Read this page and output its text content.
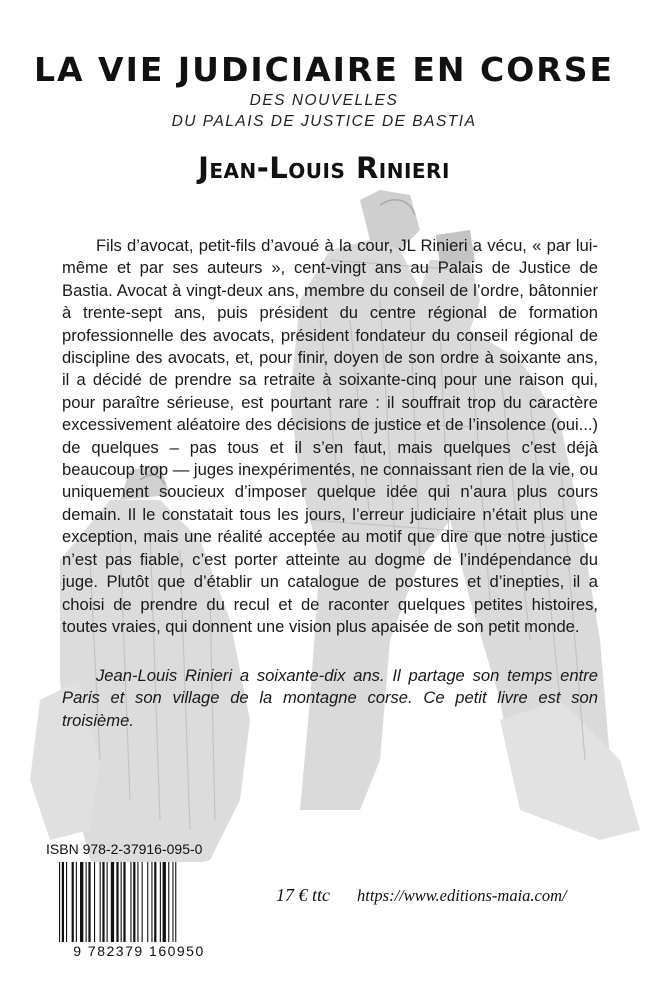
LA VIE JUDICIAIRE EN CORSE

DES NOUVELLES

DU PALAIS DE JUSTICE DE BASTIA

Jean-Louis Rinieri

Fils d’avocat, petit-fils d’avoué à la cour, JL Rinieri a vécu, « par lui-même et par ses auteurs », cent-vingt ans au Palais de Justice de Bastia. Avocat à vingt-deux ans, membre du conseil de l’ordre, bâtonnier à trente-sept ans, puis président du centre régional de formation professionnelle des avocats, président fondateur du conseil régional de discipline des avocats, et, pour finir, doyen de son ordre à soixante ans, il a décidé de prendre sa retraite à soixante-cinq pour une raison qui, pour paraître sérieuse, est pourtant rare : il souffrait trop du caractère excessivement aléatoire des décisions de justice et de l’insolence (oui...) de quelques – pas tous et il s’en faut, mais quelques c’est déjà beaucoup trop — juges inexpérimentés, ne connaissant rien de la vie, ou uniquement soucieux d’imposer quelque idée qui n’aura plus cours demain. Il le constatait tous les jours, l’erreur judiciaire n’était plus une exception, mais une réalité acceptée au motif que dire que notre justice n’est pas fiable, c’est porter atteinte au dogme de l’indépendance du juge. Plutôt que d’établir un catalogue de postures et d’inepties, il a choisi de prendre du recul et de raconter quelques petites histoires, toutes vraies, qui donnent une vision plus apaisée de son petit monde.

Jean-Louis Rinieri a soixante-dix ans. Il partage son temps entre Paris et son village de la montagne corse. Ce petit livre est son troisième.

ISBN 978-2-37916-095-0

9 782379 160950

17 € ttc https://www.editions-maia.com/
